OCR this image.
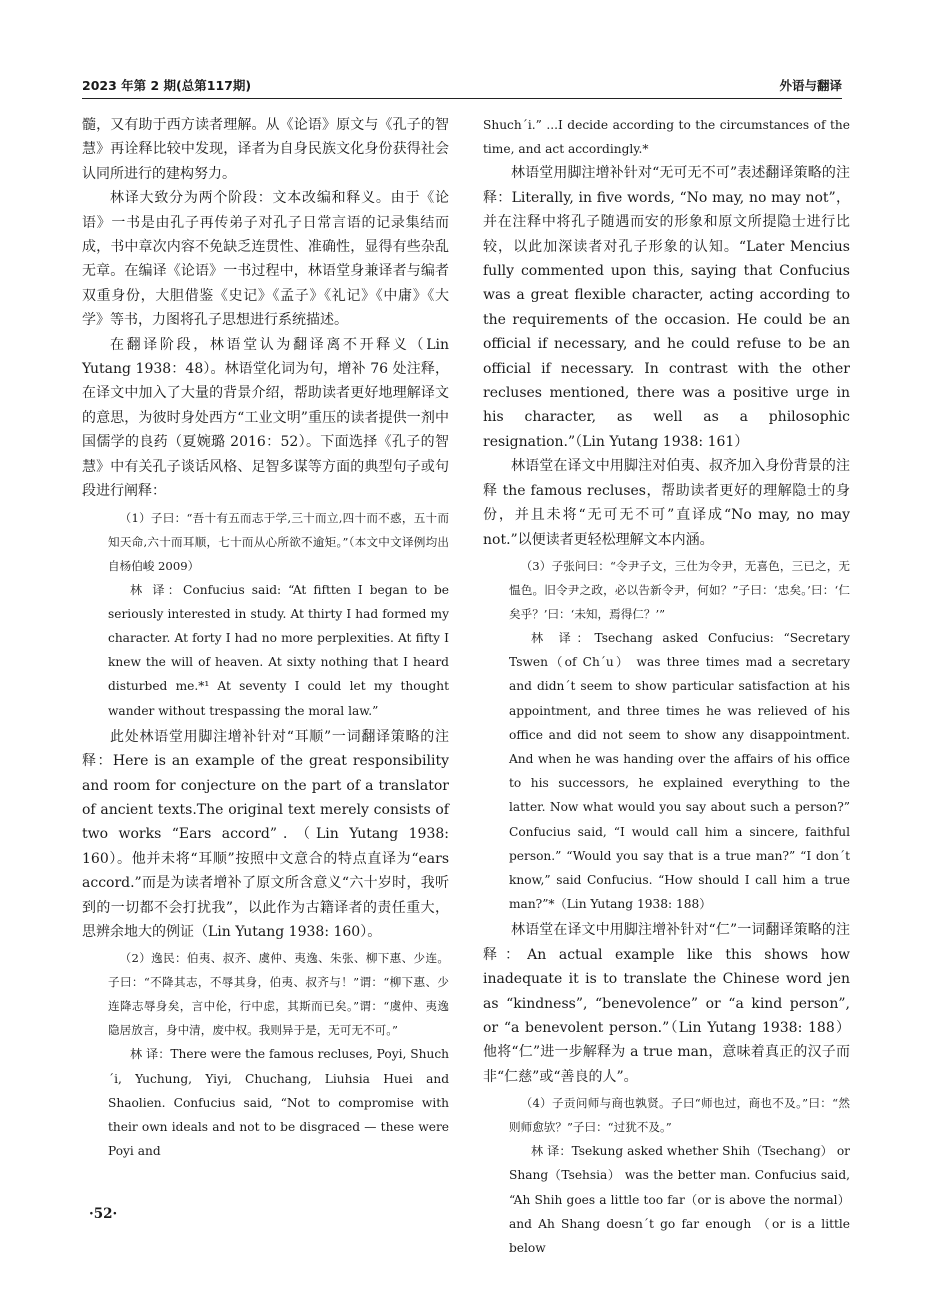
2023 年第 2 期(总第117期)	外语与翻译

髓，又有助于西方读者理解。从《论语》原文与《孔子的智慧》再诠释比较中发现，译者为自身民族文化身份获得社会认同所进行的建构努力。

林译大致分为两个阶段：文本改编和释义。由于《论语》一书是由孔子再传弟子对孔子日常言语的记录集结而成，书中章次内容不免缺乏连贯性、准确性，显得有些杂乱无章。在编译《论语》一书过程中，林语堂身兼译者与编者双重身份，大胆借鉴《史记》《孟子》《礼记》《中庸》《大学》等书，力图将孔子思想进行系统描述。

在翻译阶段，林语堂认为翻译离不开释义（Lin Yutang 1938：48）。林语堂化词为句，增补 76 处注释，在译文中加入了大量的背景介绍，帮助读者更好地理解译文的意思，为彼时身处西方“工业文明”重压的读者提供一剂中国儒学的良药（夏婉璐 2016：52）。下面选择《孔子的智慧》中有关孔子谈话风格、足智多谋等方面的典型句子或句段进行阐释：

（1）子曰：“吾十有五而志于学,三十而立,四十而不惑，五十而知天命,六十而耳顺，七十而从心所欲不逾矩。”（本文中文译例均出自杨伯峻 2009）

林 译：Confucius said: “At fiftten I began to be seriously interested in study. At thirty I had formed my character. At forty I had no more perplexities. At fifty I knew the will of heaven. At sixty nothing that I heard disturbed me.*¹ At seventy I could let my thought wander without trespassing the moral law.”

此处林语堂用脚注增补针对“耳顺”一词翻译策略的注释：Here is an example of the great responsibility and room for conjecture on the part of a translator of ancient texts.The original text merely consists of two works “Ears accord”．（Lin Yutang 1938: 160）。他并未将“耳顺”按照中文意合的特点直译为“ears accord.”而是为读者增补了原文所含意义“六十岁时，我听到的一切都不会打扰我”，以此作为古籍译者的责任重大，思辨余地大的例证（Lin Yutang 1938: 160）。

（2）逸民：伯夷、叔齐、虞仲、夷逸、朱张、柳下惠、少连。子曰：“不降其志，不辱其身，伯夷、叔齐与！”谓：“柳下惠、少连降志辱身矣，言中伦，行中虑，其斯而已矣。”谓：“虞仲、夷逸隐居放言，身中清，废中权。我则异于是，无可无不可。”

林 译：There were the famous recluses, Poyi, Shuch´i, Yuchung, Yiyi, Chuchang, Liuhsia Huei and Shaolien. Confucius said, “Not to compromise with their own ideals and not to be disgraced — these were Poyi and

Shuch´i.” ...I decide according to the circumstances of the time, and act accordingly.*

林语堂用脚注增补针对“无可无不可”表述翻译策略的注释：Literally, in five words, “No may, no may not”，并在注释中将孔子随遇而安的形象和原文所提隐士进行比较，以此加深读者对孔子形象的认知。“Later Mencius fully commented upon this, saying that Confucius was a great flexible character, acting according to the requirements of the occasion. He could be an official if necessary, and he could refuse to be an official if necessary. In contrast with the other recluses mentioned, there was a positive urge in his character, as well as a philosophic resignation.”（Lin Yutang 1938: 161）

林语堂在译文中用脚注对伯夷、叔齐加入身份背景的注释 the famous recluses，帮助读者更好的理解隐士的身份，并且未将“无可无不可”直译成“No may, no may not.”以便读者更轻松理解文本内涵。

（3）子张问曰：“令尹子文，三仕为令尹，无喜色，三已之，无愠色。旧令尹之政，必以告新令尹，何如？”子曰：‘忠矣。’曰：‘仁矣乎？’曰：‘未知，焉得仁？’”

林 译：Tsechang asked Confucius: “Secretary Tswen（of Ch´u） was three times mad a secretary and didn´t seem to show particular satisfaction at his appointment, and three times he was relieved of his office and did not seem to show any disappointment. And when he was handing over the affairs of his office to his successors, he explained everything to the latter. Now what would you say about such a person?” Confucius said, “I would call him a sincere, faithful person.” “Would you say that is a true man?” “I don´t know,” said Confucius. “How should I call him a true man?”*（Lin Yutang 1938: 188）

林语堂在译文中用脚注增补针对“仁”一词翻译策略的注释：An actual example like this shows how inadequate it is to translate the Chinese word jen as “kindness”, “benevolence” or “a kind person”, or “a benevolent person.”（Lin Yutang 1938: 188）他将“仁”进一步解释为 a true man，意味着真正的汉子而非“仁慈”或“善良的人”。

（4）子贡问师与商也孰贤。子曰“师也过，商也不及。”曰：“然则师愈欤？”子曰：“过犹不及。”

林 译：Tsekung asked whether Shih（Tsechang） or Shang（Tsehsia） was the better man. Confucius said, “Ah Shih goes a little too far（or is above the normal） and Ah Shang doesn´t go far enough （or is a little below

·52·
